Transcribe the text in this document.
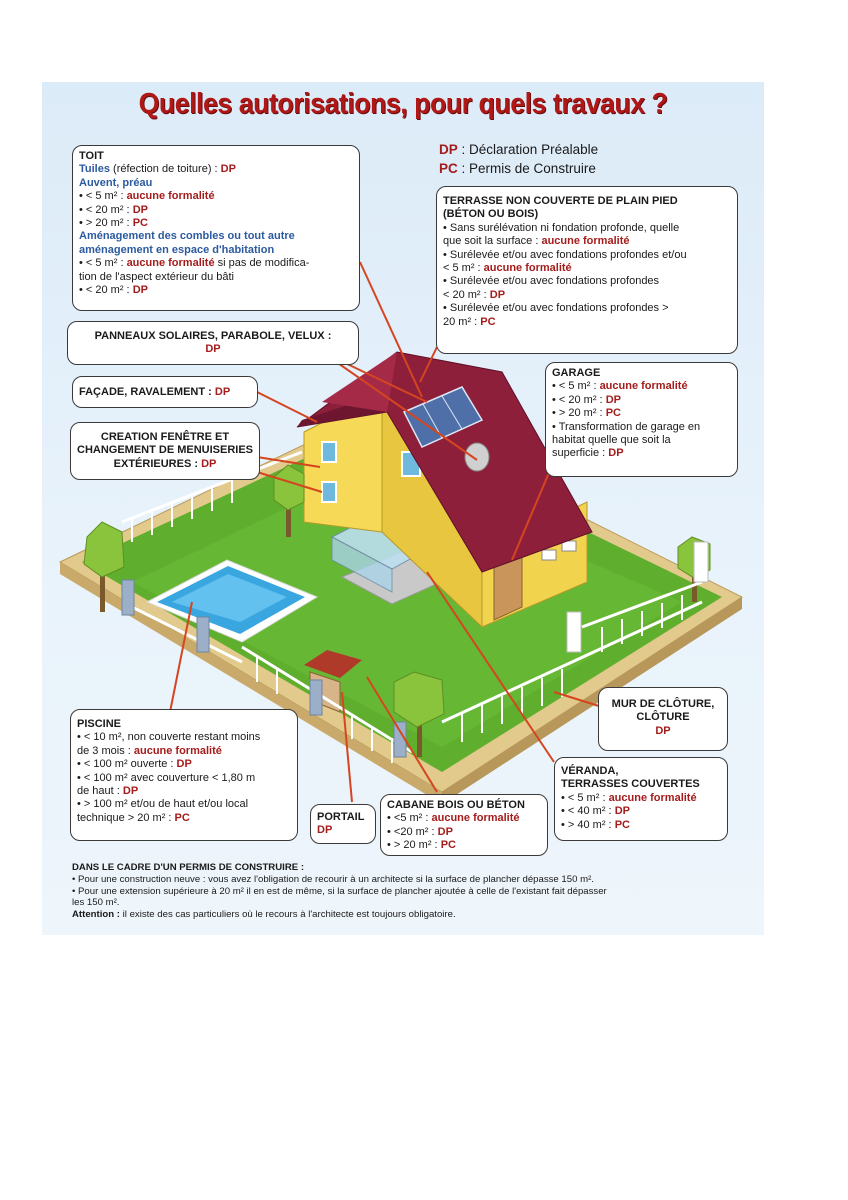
Quelles autorisations, pour quels travaux ?
DP : Déclaration Préalable
PC : Permis de Construire
TOIT
Tuiles (réfection de toiture) : DP
Auvent, préau
• < 5 m² : aucune formalité
• < 20 m² : DP
• > 20 m² : PC
Aménagement des combles ou tout autre
aménagement en espace d'habitation
• < 5 m² : aucune formalité si pas de modifica-
tion de l'aspect extérieur du bâti
• < 20 m² : DP
TERRASSE NON COUVERTE DE PLAIN PIED
(BÉTON OU BOIS)
• Sans surélévation ni fondation profonde, quelle
que soit la surface : aucune formalité
• Surélevée et/ou avec fondations profondes et/ou
< 5 m² : aucune formalité
• Surélevée et/ou avec fondations profondes
< 20 m² : DP
• Surélevée et/ou avec fondations profondes >
20 m² : PC
PANNEAUX SOLAIRES, PARABOLE, VELUX :
DP
FAÇADE, RAVALEMENT : DP
CREATION FENÊTRE ET
CHANGEMENT DE MENUISERIES
EXTÉRIEURES : DP
GARAGE
• < 5 m² : aucune formalité
• < 20 m² : DP
• > 20 m² : PC
• Transformation de garage en
habitat quelle que soit la
superficie : DP
MUR DE CLÔTURE,
CLÔTURE
DP
PISCINE
• < 10 m², non couverte restant moins
de 3 mois : aucune formalité
• < 100 m² ouverte : DP
• < 100 m² avec couverture < 1,80 m
de haut : DP
• > 100 m² et/ou de haut et/ou local
technique > 20 m² : PC	PORTAIL
DP
CABANE BOIS OU BÉTON
• <5 m² : aucune formalité
• <20 m² : DP
• > 20 m² : PC
VÉRANDA,
TERRASSES COUVERTES
• < 5 m² : aucune formalité
• < 40 m² : DP
• > 40 m² : PC
DANS LE CADRE D'UN PERMIS DE CONSTRUIRE :
• Pour une construction neuve : vous avez l'obligation de recourir à un architecte si la surface de plancher dépasse 150 m².
• Pour une extension supérieure à 20 m² il en est de même, si la surface de plancher ajoutée à celle de l'existant fait dépasser
les 150 m².
Attention : il existe des cas particuliers où le recours à l'architecte est toujours obligatoire.
